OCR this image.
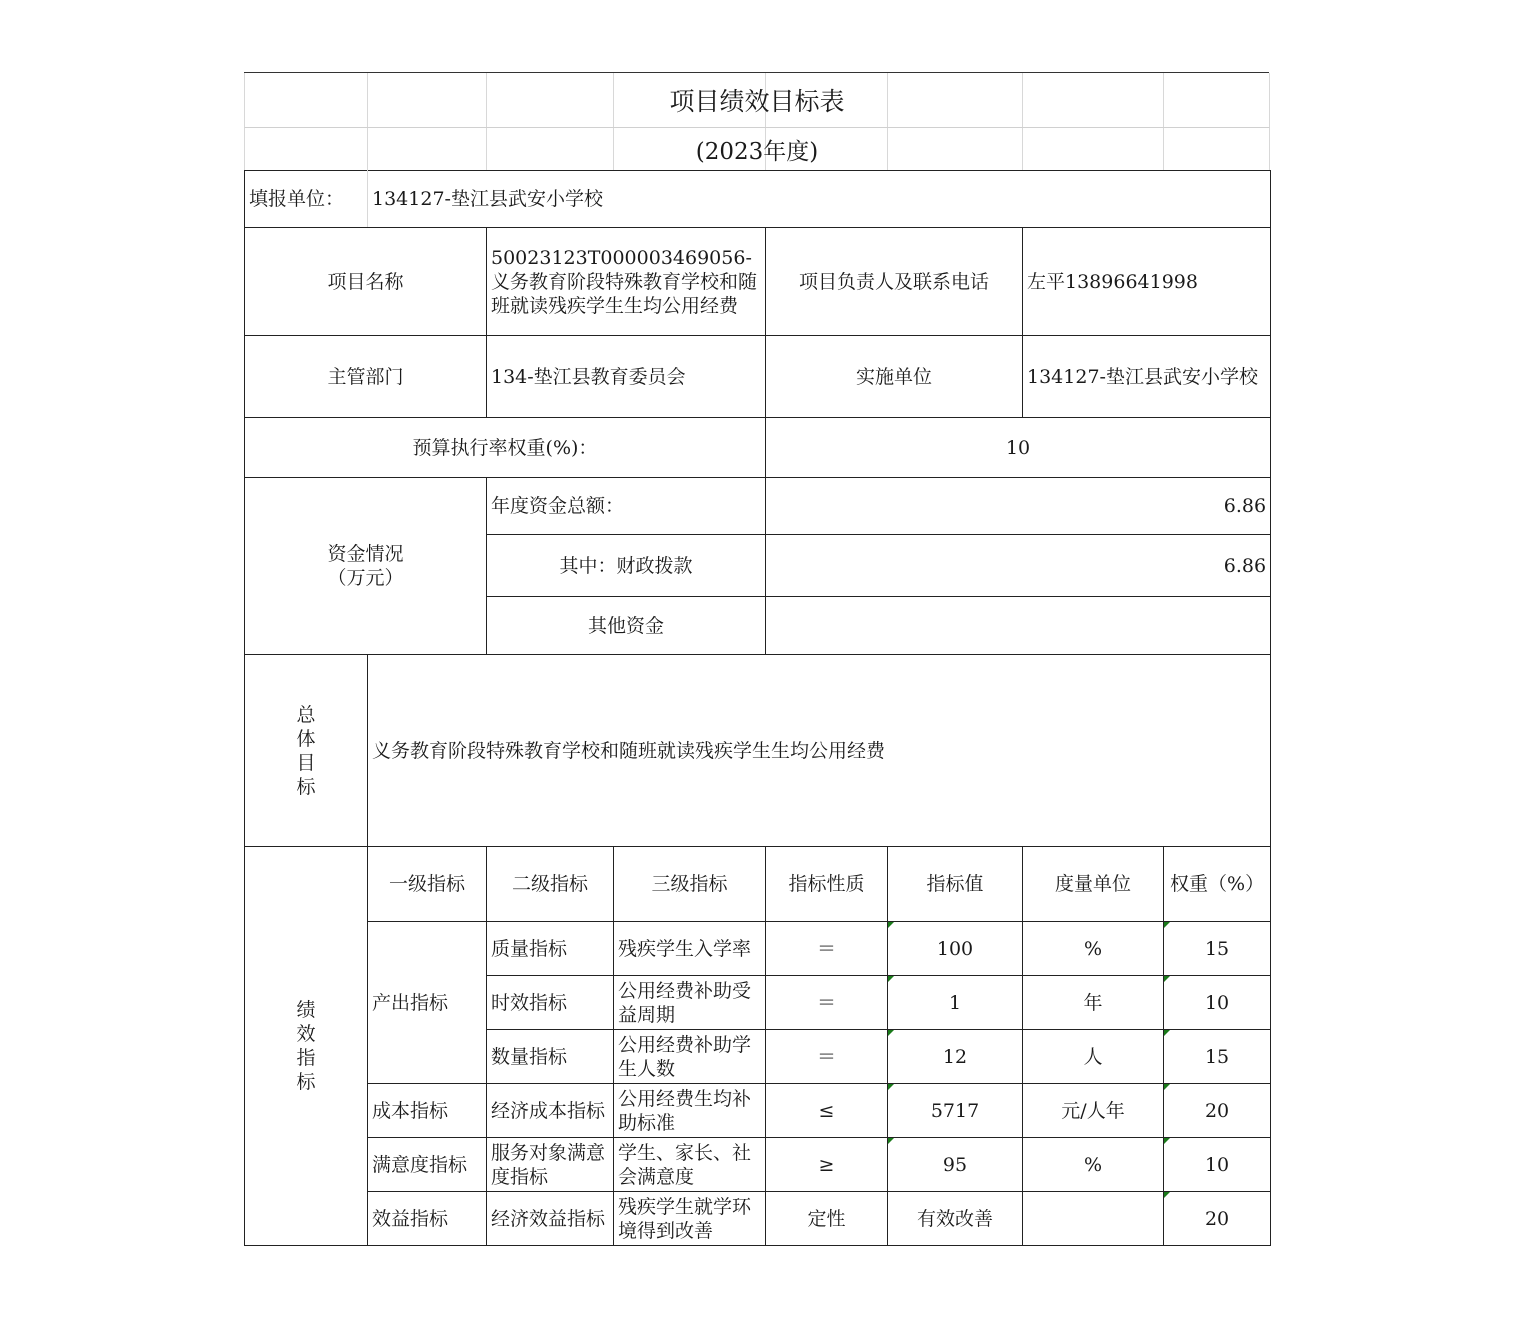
项目绩效目标表
(2023年度)
填报单位：	134127-垫江县武安小学校						
项目名称		50023123T000003469056-义务教育阶段特殊教育学校和随班就读残疾学生生均公用经费		项目负责人及联系电话		左平13896641998	
主管部门		134-垫江县教育委员会		实施单位		134127-垫江县武安小学校	
预算执行率权重(%)：				10			

资金情况
（万元）		年度资金总额：		6.86			
		其中：财政拨款		6.86			
		其他资金					

总
体
目
标	义务教育阶段特殊教育学校和随班就读残疾学生生均公用经费						

绩
效
指
标	一级指标	二级指标	三级指标	指标性质	指标值	度量单位	权重（%）
	产出指标	质量指标	残疾学生入学率	＝	100	%	15
		时效指标	公用经费补助受益周期	＝	1	年	10
		数量指标	公用经费补助学生人数	＝	12	人	15
	成本指标	经济成本指标	公用经费生均补助标准	≤	5717	元/人年	20
	满意度指标	服务对象满意度指标	学生、家长、社会满意度	≥	95	%	10
	效益指标	经济效益指标	残疾学生就学环境得到改善	定性	有效改善		20
